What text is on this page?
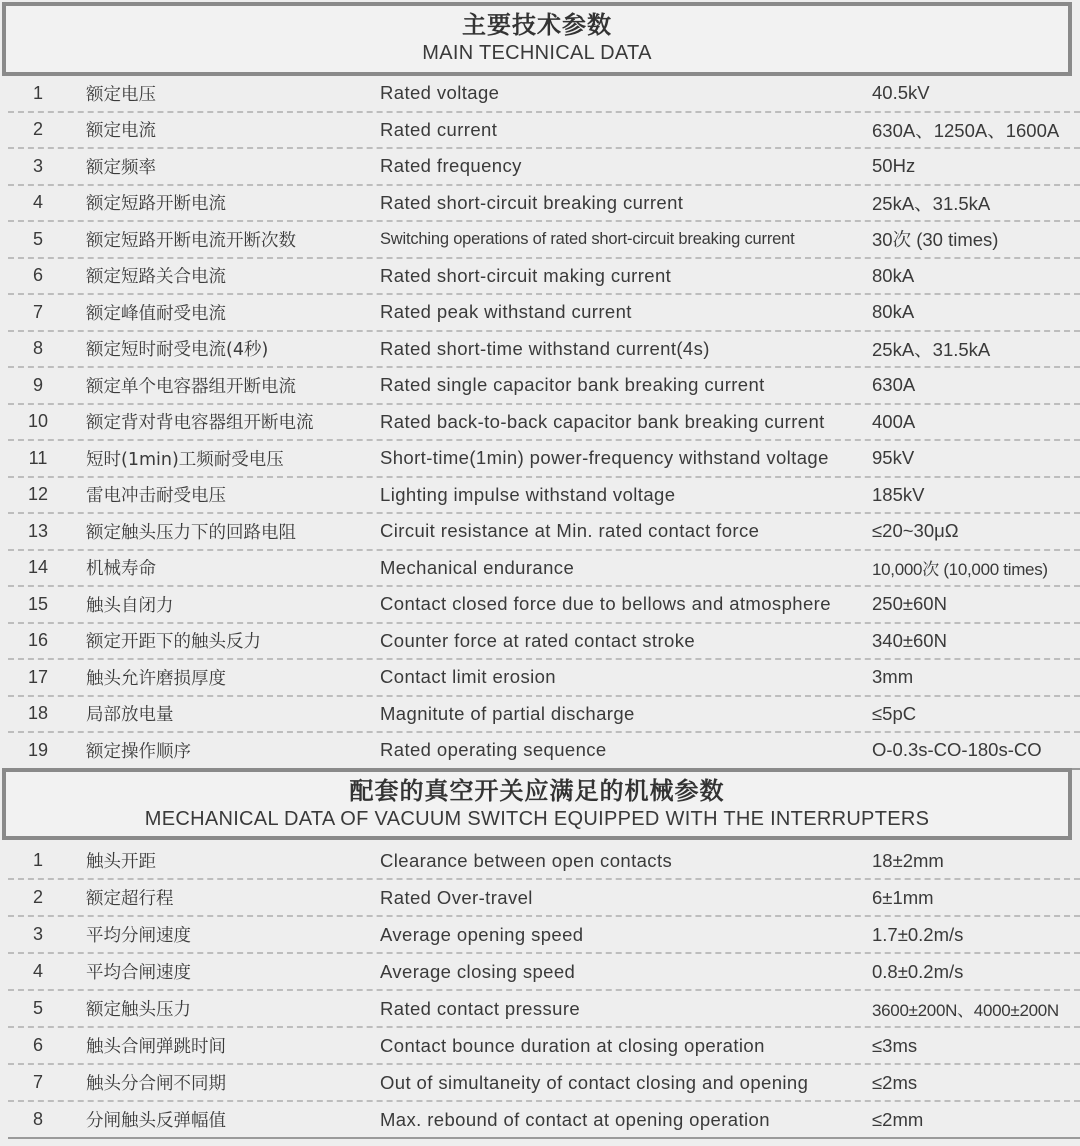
主要技术参数
MAIN TECHNICAL DATA
1	额定电压	Rated voltage	40.5kV
2	额定电流	Rated current	630A、1250A、1600A
3	额定频率	Rated frequency	50Hz
4	额定短路开断电流	Rated short-circuit breaking current	25kA、31.5kA
5	额定短路开断电流开断次数	Switching operations of rated short-circuit breaking current	30次 (30 times)
6	额定短路关合电流	Rated short-circuit making current	80kA
7	额定峰值耐受电流	Rated peak withstand current	80kA
8	额定短时耐受电流(4秒)	Rated short-time withstand current(4s)	25kA、31.5kA
9	额定单个电容器组开断电流	Rated single capacitor bank breaking current	630A
10	额定背对背电容器组开断电流	Rated back-to-back capacitor bank breaking current	400A
11	短时(1min)工频耐受电压	Short-time(1min) power-frequency withstand voltage 95kV
12	雷电冲击耐受电压	Lighting impulse withstand voltage	185kV
13	额定触头压力下的回路电阻	Circuit resistance at Min. rated contact force	≤20~30μΩ
14	机械寿命	Mechanical endurance	10,000次 (10,000 times)
15	触头自闭力	Contact closed force due to bellows and atmosphere 250±60N
16	额定开距下的触头反力	Counter force at rated contact stroke	340±60N
17	触头允许磨损厚度	Contact limit erosion	3mm
18	局部放电量	Magnitute of partial discharge	≤5pC
19	额定操作顺序	Rated operating sequence	O-0.3s-CO-180s-CO
配套的真空开关应满足的机械参数
MECHANICAL DATA OF VACUUM SWITCH EQUIPPED WITH THE INTERRUPTERS
1	触头开距	Clearance between open contacts	18±2mm
2	额定超行程	Rated Over-travel	6±1mm
3	平均分闸速度	Average opening speed	1.7±0.2m/s
4	平均合闸速度	Average closing speed	0.8±0.2m/s
5	额定触头压力	Rated contact pressure	3600±200N、4000±200N
6	触头合闸弹跳时间	Contact bounce duration at closing operation	≤3ms
7	触头分合闸不同期	Out of simultaneity of contact closing and opening	≤2ms
8	分闸触头反弹幅值	Max. rebound of contact at opening operation	≤2mm
